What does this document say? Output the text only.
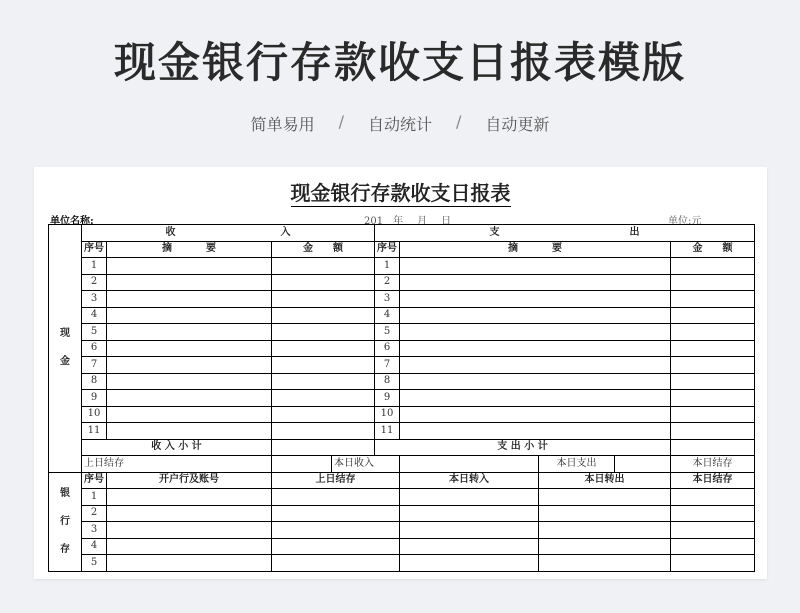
现金银行存款收支日报表模版
简单易用	/	自动统计	/	自动更新
现金银行存款收支日报表
单位名称:	201　年 月 日	单位:元
现
金	收 入				支 出				
	序号	摘 要	金 额		序号	摘 要			金 额
	1				1				
	2				2				
	3				3				
	4				4				
	5				5				
	6				6				
	7				7				
	8				8				
	9				9				
	10				10				
	11				11				
	收 入 小 计				支 出 小 计				
	上日结存			本日收入			本日支出		本日结存
银
行
存	序号	开户行及账号	上日结存			本日转入	本日转出		本日结存
	1								
	2								
	3								
	4								
	5								
